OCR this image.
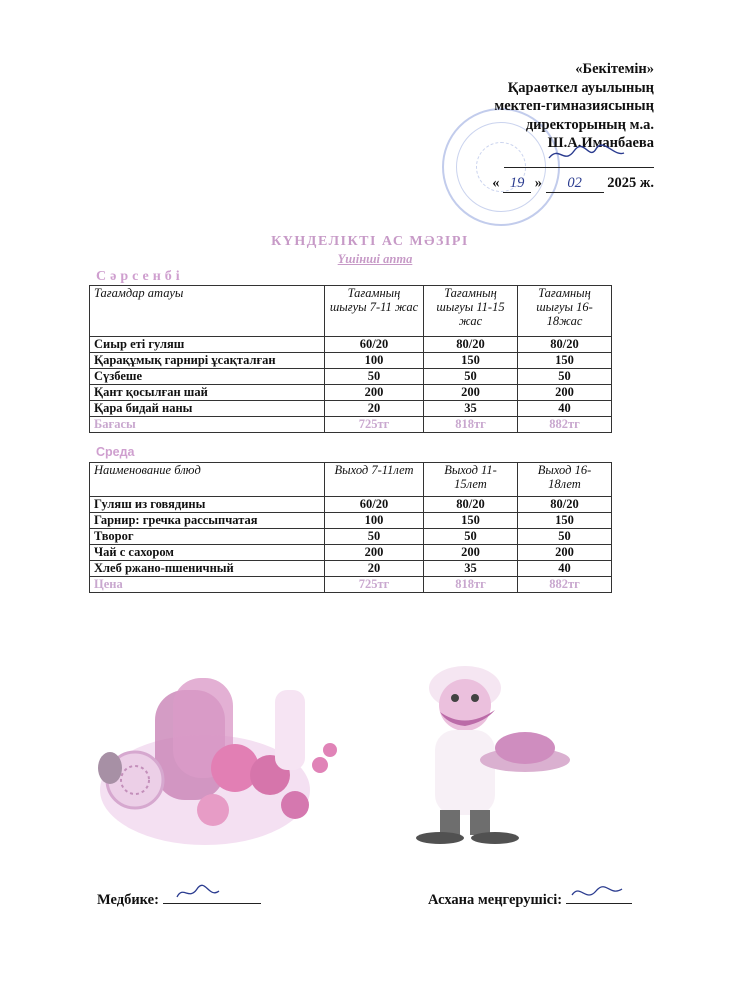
«Бекітемін»
Қараөткел ауылының
мектеп-гимназиясының
директорының м.а.
Ш.А.Иманбаева
« 19 » 02 2025 ж.
КҮНДЕЛІКТІ АС МӘЗІРІ
Үшінші апта
Сәрсенбі
Тағамдар атауы	Тағамның шығуы 7-11 жас	Тағамның шығуы 11-15 жас	Тағамның шығуы 16-18жас
Сиыр еті гуляш	60/20	80/20	80/20
Қарақұмық гарнирі ұсақталған	100	150	150
Сүзбеше	50	50	50
Қант қосылған шай	200	200	200
Қара бидай наны	20	35	40
Бағасы	725тг	818тг	882тг
Среда
Наименование блюд	Выход 7-11лет	Выход 11-15лет	Выход 16-18лет
Гуляш из говядины	60/20	80/20	80/20
Гарнир: гречка рассыпчатая	100	150	150
Творог	50	50	50
Чай с сахором	200	200	200
Хлеб ржано-пшеничный	20	35	40
Цена	725тг	818тг	882тг
Медбике:	Асхана меңгерушісі:
